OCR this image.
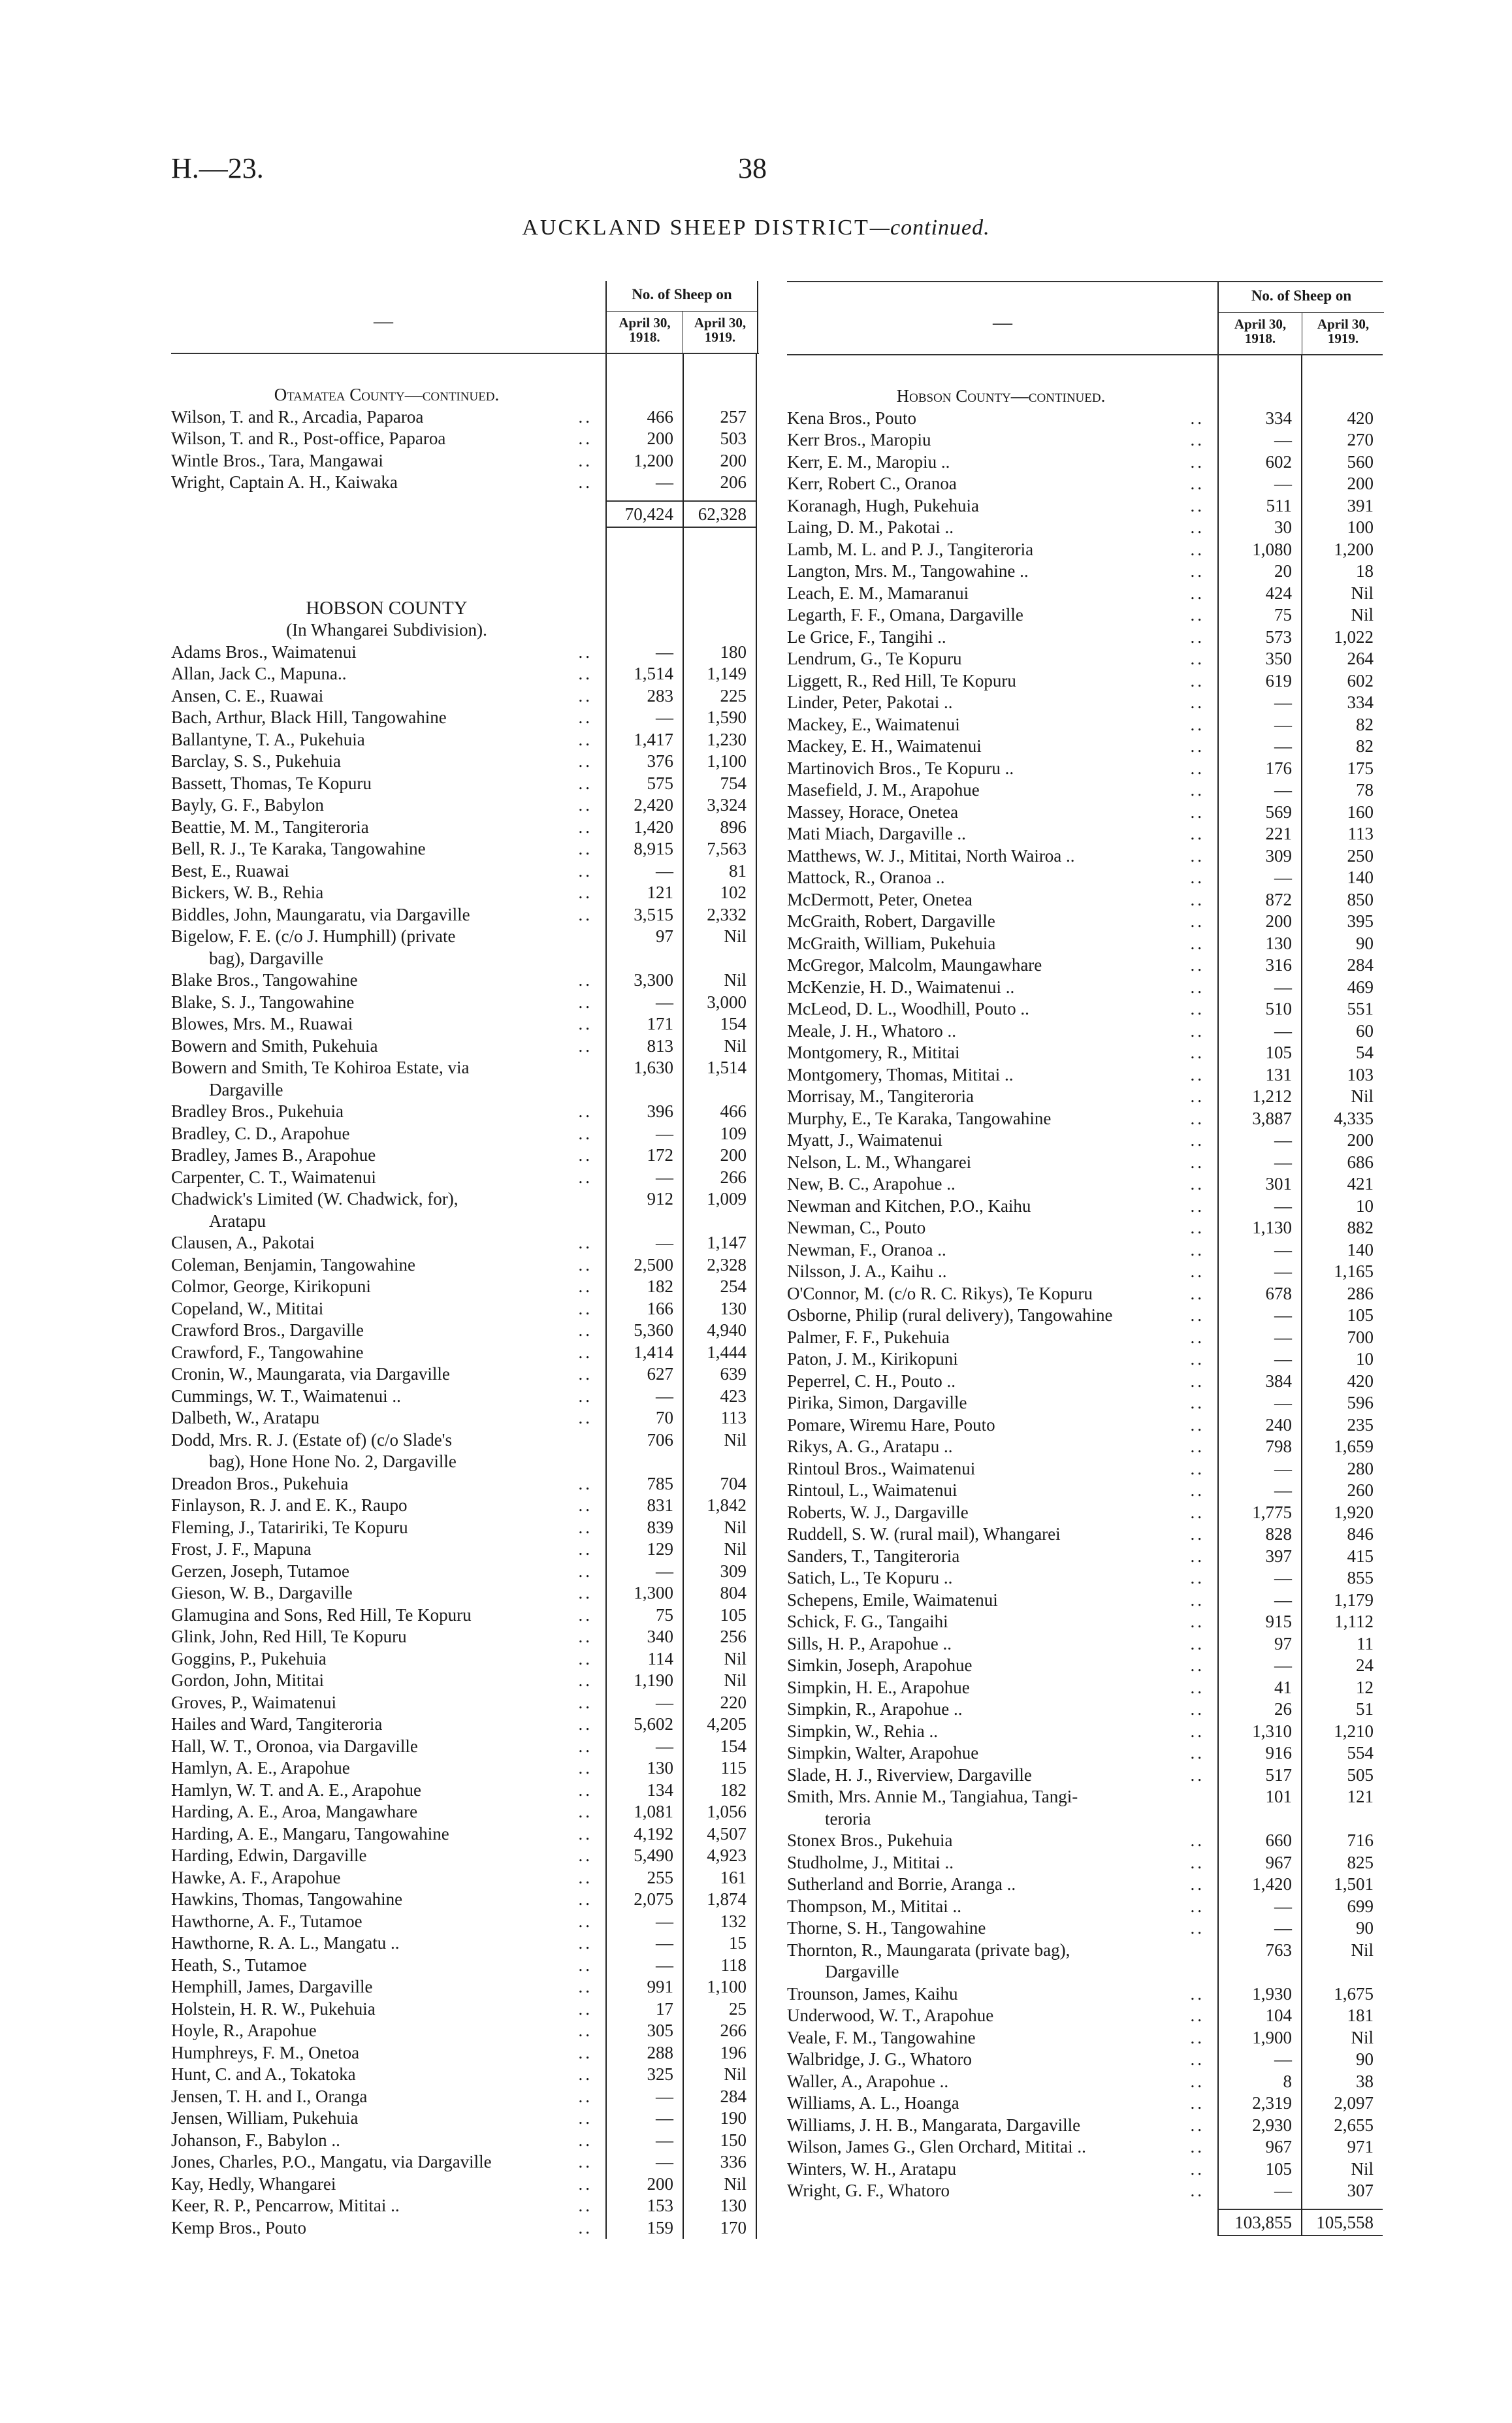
H.—23.	38
AUCKLAND SHEEP DISTRICT—continued.
—
No. of Sheep on
April 30,
1918.
April 30,
1919.
Otamatea County—continued.
Wilson, T. and R., Arcadia, Paparoa	..	466	257
Wilson, T. and R., Post-office, Paparoa	..	200	503
Wintle Bros., Tara, Mangawai	..	1,200	200
Wright, Captain A. H., Kaiwaka	..	—	206
70,424	62,328
HOBSON COUNTY
(In Whangarei Subdivision).
Adams Bros., Waimatenui	..	—	180
Allan, Jack C., Mapuna..	..	1,514	1,149
Ansen, C. E., Ruawai	..	283	225
Bach, Arthur, Black Hill, Tangowahine	..	—	1,590
Ballantyne, T. A., Pukehuia	..	1,417	1,230
Barclay, S. S., Pukehuia	..	376	1,100
Bassett, Thomas, Te Kopuru	..	575	754
Bayly, G. F., Babylon	..	2,420	3,324
Beattie, M. M., Tangiteroria	..	1,420	896
Bell, R. J., Te Karaka, Tangowahine	..	8,915	7,563
Best, E., Ruawai	..	—	81
Bickers, W. B., Rehia	..	121	102
Biddles, John, Maungaratu, via Dargaville	..	3,515	2,332
Bigelow, F. E. (c/o J. Humphill) (private
bag), Dargaville
97	Nil
Blake Bros., Tangowahine	..	3,300	Nil
Blake, S. J., Tangowahine	..	—	3,000
Blowes, Mrs. M., Ruawai	..	171	154
Bowern and Smith, Pukehuia	..	813	Nil
Bowern and Smith, Te Kohiroa Estate, via
Dargaville
1,630	1,514
Bradley Bros., Pukehuia	..	396	466
Bradley, C. D., Arapohue	..	—	109
Bradley, James B., Arapohue	..	172	200
Carpenter, C. T., Waimatenui	..	—	266
Chadwick's Limited (W. Chadwick, for),
Aratapu
912	1,009
Clausen, A., Pakotai	..	—	1,147
Coleman, Benjamin, Tangowahine	..	2,500	2,328
Colmor, George, Kirikopuni	..	182	254
Copeland, W., Mititai	..	166	130
Crawford Bros., Dargaville	..	5,360	4,940
Crawford, F., Tangowahine	..	1,414	1,444
Cronin, W., Maungarata, via Dargaville	..	627	639
Cummings, W. T., Waimatenui ..	..	—	423
Dalbeth, W., Aratapu	..	70	113
Dodd, Mrs. R. J. (Estate of) (c/o Slade's
bag), Hone Hone No. 2, Dargaville
706	Nil
Dreadon Bros., Pukehuia	..	785	704
Finlayson, R. J. and E. K., Raupo	..	831	1,842
Fleming, J., Tataririki, Te Kopuru	..	839	Nil
Frost, J. F., Mapuna	..	129	Nil
Gerzen, Joseph, Tutamoe	..	—	309
Gieson, W. B., Dargaville	..	1,300	804
Glamugina and Sons, Red Hill, Te Kopuru	..	75	105
Glink, John, Red Hill, Te Kopuru	..	340	256
Goggins, P., Pukehuia	..	114	Nil
Gordon, John, Mititai	..	1,190	Nil
Groves, P., Waimatenui	..	—	220
Hailes and Ward, Tangiteroria	..	5,602	4,205
Hall, W. T., Oronoa, via Dargaville	..	—	154
Hamlyn, A. E., Arapohue	..	130	115
Hamlyn, W. T. and A. E., Arapohue	..	134	182
Harding, A. E., Aroa, Mangawhare	..	1,081	1,056
Harding, A. E., Mangaru, Tangowahine	..	4,192	4,507
Harding, Edwin, Dargaville	..	5,490	4,923
Hawke, A. F., Arapohue	..	255	161
Hawkins, Thomas, Tangowahine	..	2,075	1,874
Hawthorne, A. F., Tutamoe	..	—	132
Hawthorne, R. A. L., Mangatu ..	..	—	15
Heath, S., Tutamoe	..	—	118
Hemphill, James, Dargaville	..	991	1,100
Holstein, H. R. W., Pukehuia	..	17	25
Hoyle, R., Arapohue	..	305	266
Humphreys, F. M., Onetoa	..	288	196
Hunt, C. and A., Tokatoka	..	325	Nil
Jensen, T. H. and I., Oranga	..	—	284
Jensen, William, Pukehuia	..	—	190
Johanson, F., Babylon ..	..	—	150
Jones, Charles, P.O., Mangatu, via Dargaville	..	—	336
Kay, Hedly, Whangarei	..	200	Nil
Keer, R. P., Pencarrow, Mititai ..	..	153	130
Kemp Bros., Pouto	..	159	170
—
No. of Sheep on
April 30,
1918.
April 30,
1919.
Hobson County—continued.
Kena Bros., Pouto	..	334	420
Kerr Bros., Maropiu	..	—	270
Kerr, E. M., Maropiu ..	..	602	560
Kerr, Robert C., Oranoa	..	—	200
Koranagh, Hugh, Pukehuia	..	511	391
Laing, D. M., Pakotai ..	..	30	100
Lamb, M. L. and P. J., Tangiteroria	..	1,080	1,200
Langton, Mrs. M., Tangowahine ..	..	20	18
Leach, E. M., Mamaranui	..	424	Nil
Legarth, F. F., Omana, Dargaville	..	75	Nil
Le Grice, F., Tangihi ..	..	573	1,022
Lendrum, G., Te Kopuru	..	350	264
Liggett, R., Red Hill, Te Kopuru	..	619	602
Linder, Peter, Pakotai ..	..	—	334
Mackey, E., Waimatenui	..	—	82
Mackey, E. H., Waimatenui	..	—	82
Martinovich Bros., Te Kopuru ..	..	176	175
Masefield, J. M., Arapohue	..	—	78
Massey, Horace, Onetea	..	569	160
Mati Miach, Dargaville ..	..	221	113
Matthews, W. J., Mititai, North Wairoa ..	..	309	250
Mattock, R., Oranoa ..	..	—	140
McDermott, Peter, Onetea	..	872	850
McGraith, Robert, Dargaville	..	200	395
McGraith, William, Pukehuia	..	130	90
McGregor, Malcolm, Maungawhare	..	316	284
McKenzie, H. D., Waimatenui ..	..	—	469
McLeod, D. L., Woodhill, Pouto ..	..	510	551
Meale, J. H., Whatoro ..	..	—	60
Montgomery, R., Mititai	..	105	54
Montgomery, Thomas, Mititai ..	..	131	103
Morrisay, M., Tangiteroria	..	1,212	Nil
Murphy, E., Te Karaka, Tangowahine	..	3,887	4,335
Myatt, J., Waimatenui	..	—	200
Nelson, L. M., Whangarei	..	—	686
New, B. C., Arapohue ..	..	301	421
Newman and Kitchen, P.O., Kaihu	..	—	10
Newman, C., Pouto	..	1,130	882
Newman, F., Oranoa ..	..	—	140
Nilsson, J. A., Kaihu ..	..	—	1,165
O'Connor, M. (c/o R. C. Rikys), Te Kopuru	..	678	286
Osborne, Philip (rural delivery), Tangowahine	..	—	105
Palmer, F. F., Pukehuia	..	—	700
Paton, J. M., Kirikopuni	..	—	10
Peperrel, C. H., Pouto ..	..	384	420
Pirika, Simon, Dargaville	..	—	596
Pomare, Wiremu Hare, Pouto	..	240	235
Rikys, A. G., Aratapu ..	..	798	1,659
Rintoul Bros., Waimatenui	..	—	280
Rintoul, L., Waimatenui	..	—	260
Roberts, W. J., Dargaville	..	1,775	1,920
Ruddell, S. W. (rural mail), Whangarei	..	828	846
Sanders, T., Tangiteroria	..	397	415
Satich, L., Te Kopuru ..	..	—	855
Schepens, Emile, Waimatenui	..	—	1,179
Schick, F. G., Tangaihi	..	915	1,112
Sills, H. P., Arapohue ..	..	97	11
Simkin, Joseph, Arapohue	..	—	24
Simpkin, H. E., Arapohue	..	41	12
Simpkin, R., Arapohue ..	..	26	51
Simpkin, W., Rehia ..	..	1,310	1,210
Simpkin, Walter, Arapohue	..	916	554
Slade, H. J., Riverview, Dargaville	..	517	505
Smith, Mrs. Annie M., Tangiahua, Tangi-
teroria
101	121
Stonex Bros., Pukehuia	..	660	716
Studholme, J., Mititai ..	..	967	825
Sutherland and Borrie, Aranga ..	..	1,420	1,501
Thompson, M., Mititai ..	..	—	699
Thorne, S. H., Tangowahine	..	—	90
Thornton, R., Maungarata (private bag),
Dargaville
763	Nil
Trounson, James, Kaihu	..	1,930	1,675
Underwood, W. T., Arapohue	..	104	181
Veale, F. M., Tangowahine	..	1,900	Nil
Walbridge, J. G., Whatoro	..	—	90
Waller, A., Arapohue ..	..	8	38
Williams, A. L., Hoanga	..	2,319	2,097
Williams, J. H. B., Mangarata, Dargaville	..	2,930	2,655
Wilson, James G., Glen Orchard, Mititai ..	..	967	971
Winters, W. H., Aratapu	..	105	Nil
Wright, G. F., Whatoro	..	—	307
103,855	105,558
